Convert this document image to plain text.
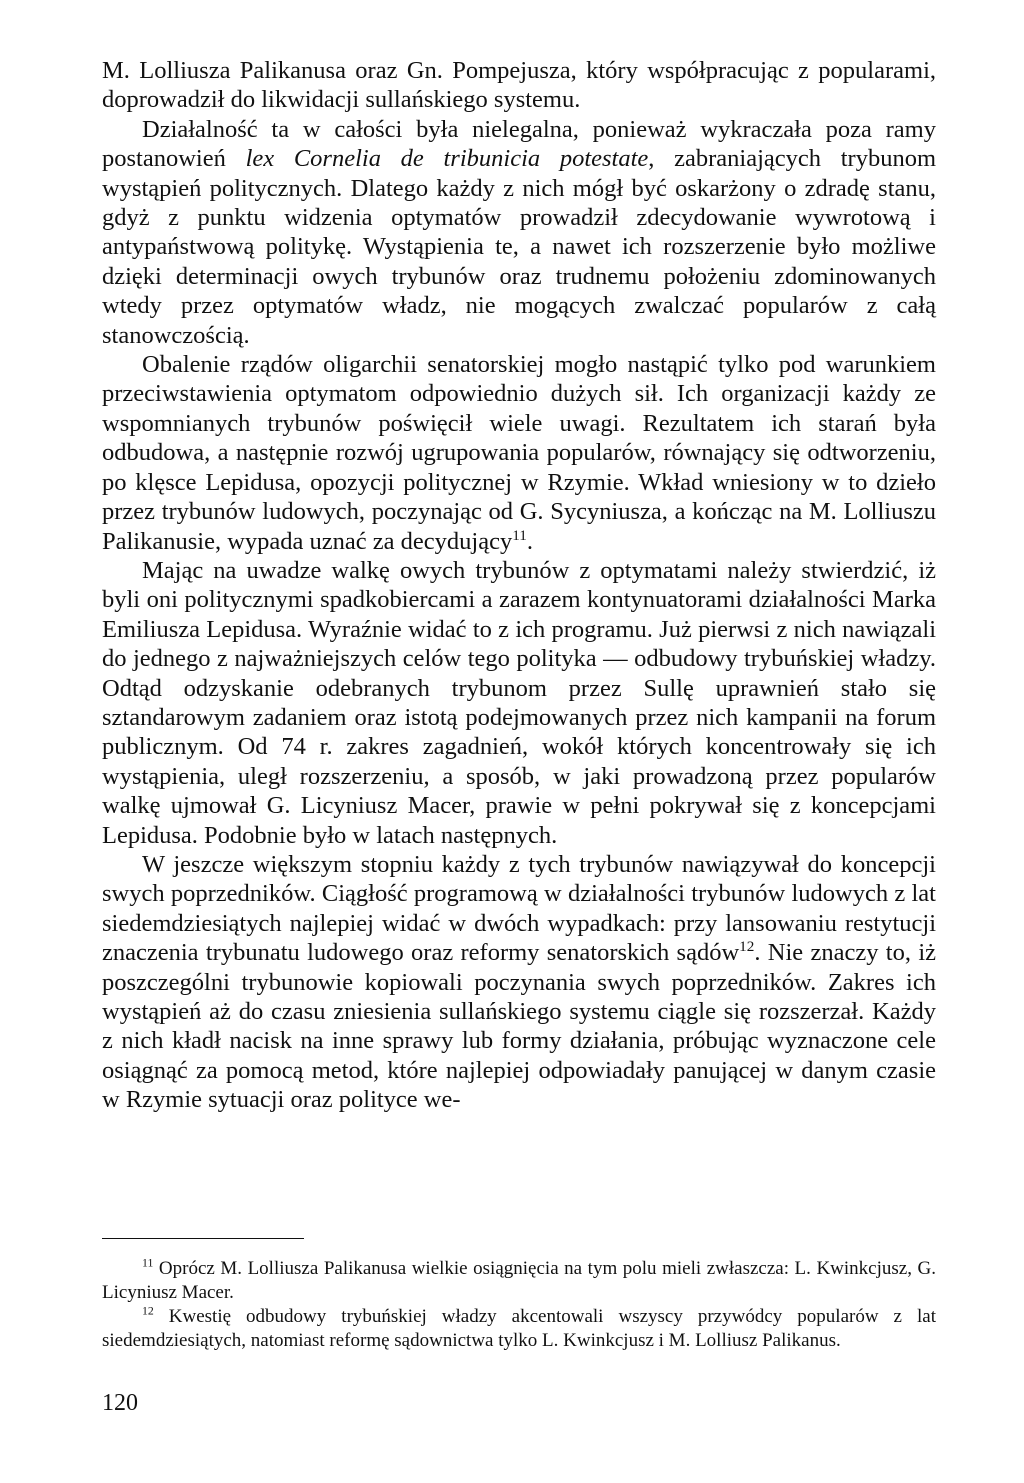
M. Lolliusza Palikanusa oraz Gn. Pompejusza, który współpracując z popularami, doprowadził do likwidacji sullańskiego systemu.

Działalność ta w całości była nielegalna, ponieważ wykraczała poza ramy postanowień lex Cornelia de tribunicia potestate, zabraniających trybunom wystąpień politycznych. Dlatego każdy z nich mógł być oskarżony o zdradę stanu, gdyż z punktu widzenia optymatów prowadził zdecydowanie wywrotową i antypaństwową politykę. Wystąpienia te, a nawet ich rozszerzenie było możliwe dzięki determinacji owych trybunów oraz trudnemu położeniu zdominowanych wtedy przez optymatów władz, nie mogących zwalczać popularów z całą stanowczością.

Obalenie rządów oligarchii senatorskiej mogło nastąpić tylko pod warunkiem przeciwstawienia optymatom odpowiednio dużych sił. Ich organizacji każdy ze wspomnianych trybunów poświęcił wiele uwagi. Rezultatem ich starań była odbudowa, a następnie rozwój ugrupowania popularów, równający się odtworzeniu, po klęsce Lepidusa, opozycji politycznej w Rzymie. Wkład wniesiony w to dzieło przez trybunów ludowych, poczynając od G. Sycyniusza, a kończąc na M. Lolliuszu Palikanusie, wypada uznać za decydujący$^{11}$.

Mając na uwadze walkę owych trybunów z optymatami należy stwierdzić, iż byli oni politycznymi spadkobiercami a zarazem kontynuatorami działalności Marka Emiliusza Lepidusa. Wyraźnie widać to z ich programu. Już pierwsi z nich nawiązali do jednego z najważniejszych celów tego polityka — odbudowy trybuńskiej władzy. Odtąd odzyskanie odebranych trybunom przez Sullę uprawnień stało się sztandarowym zadaniem oraz istotą podejmowanych przez nich kampanii na forum publicznym. Od 74 r. zakres zagadnień, wokół których koncentrowały się ich wystąpienia, uległ rozszerzeniu, a sposób, w jaki prowadzoną przez popularów walkę ujmował G. Licyniusz Macer, prawie w pełni pokrywał się z koncepcjami Lepidusa. Podobnie było w latach następnych.

W jeszcze większym stopniu każdy z tych trybunów nawiązywał do koncepcji swych poprzedników. Ciągłość programową w działalności trybunów ludowych z lat siedemdziesiątych najlepiej widać w dwóch wypadkach: przy lansowaniu restytucji znaczenia trybunatu ludowego oraz reformy senatorskich sądów$^{12}$. Nie znaczy to, iż poszczególni trybunowie kopiowali poczynania swych poprzedników. Zakres ich wystąpień aż do czasu zniesienia sullańskiego systemu ciągle się rozszerzał. Każdy z nich kładł nacisk na inne sprawy lub formy działania, próbując wyznaczone cele osiągnąć za pomocą metod, które najlepiej odpowiadały panującej w danym czasie w Rzymie sytuacji oraz polityce we-

$^{11}$ Oprócz M. Lolliusza Palikanusa wielkie osiągnięcia na tym polu mieli zwłaszcza: L. Kwinkcjusz, G. Licyniusz Macer.

$^{12}$ Kwestię odbudowy trybuńskiej władzy akcentowali wszyscy przywódcy popularów z lat siedemdziesiątych, natomiast reformę sądownictwa tylko L. Kwinkcjusz i M. Lolliusz Palikanus.

120
